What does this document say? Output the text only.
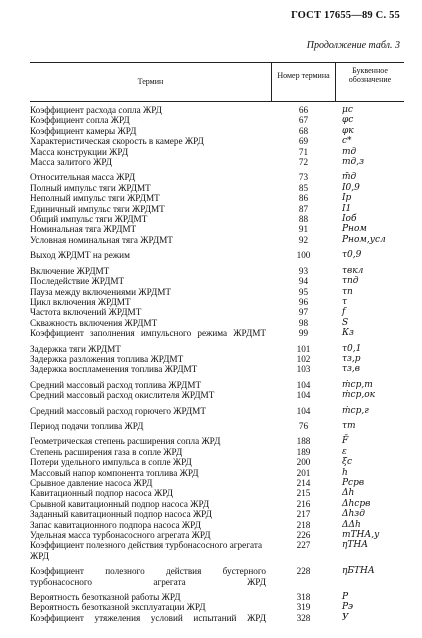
ГОСТ 17655—89 С. 55
Продолжение табл. 3
Термин
Номер термина
Буквенное обозначение
Коэффициент расхода сопла ЖРД	66	μс
Коэффициент сопла ЖРД	67	φс
Коэффициент камеры ЖРД	68	φк
Характеристическая скорость в камере ЖРД	69	с*
Масса конструкции ЖРД	71	mд
Масса залитого ЖРД	72	mд,з
Относительная масса ЖРД	73	m̄д
Полный импульс тяги ЖРДМТ	85	I0,9
Неполный импульс тяги ЖРДМТ	86	Iр
Единичный импульс тяги ЖРДМТ	87	I1
Общий импульс тяги ЖРДМТ	88	Iоб
Номинальная тяга ЖРДМТ	91	Рном
Условная номинальная тяга ЖРДМТ	92	Рном,усл
Выход ЖРДМТ на режим	100	τ0,9
Включение ЖРДМТ	93	τвкл
Последействие ЖРДМТ	94	τпд
Пауза между включениями ЖРДМТ	95	τп
Цикл включения ЖРДМТ	96	τ
Частота включений ЖРДМТ	97	f
Скважность включения ЖРДМТ	98	S
Коэффициент заполнения импульсного режима ЖРДМТ	99	Кз
Задержка тяги ЖРДМТ	101	τ0,1
Задержка разложения топлива ЖРДМТ	102	τз,р
Задержка воспламенения топлива ЖРДМТ	103	τз,в
Средний массовый расход топлива ЖРДМТ	104	ṁср,т
Средний массовый расход окислителя ЖРДМТ	104	ṁср,ок
Средний массовый расход горючего ЖРДМТ	104	ṁср,г
Период подачи топлива ЖРД	76	τт
Геометрическая степень расширения сопла ЖРД	188	F̄
Степень расширения газа в сопле ЖРД	189	ε
Потери удельного импульса в сопле ЖРД	200	ξс
Массовый напор компонента топлива ЖРД	201	h
Срывное давление насоса ЖРД	214	Рсрв
Кавитационный подпор насоса ЖРД	215	Δh
Срывной кавитационный подпор насоса ЖРД	216	Δhсрв
Заданный кавитационный подпор насоса ЖРД	217	Δhзд
Запас кавитационного подпора насоса ЖРД	218	ΔΔh
Удельная масса турбонасосного агрегата ЖРД	226	mТНА,у
Коэффициент полезного действия турбонасосного агрегата ЖРД
227	ηТНА
Коэффициент полезного действия бустерного турбонасосного агрегата ЖРД
228	ηБТНА
Вероятность безотказной работы ЖРД	318	P
Вероятность безотказной эксплуатации ЖРД	319	Pэ
Коэффициент утяжеления условий испытаний ЖРД	328	У
